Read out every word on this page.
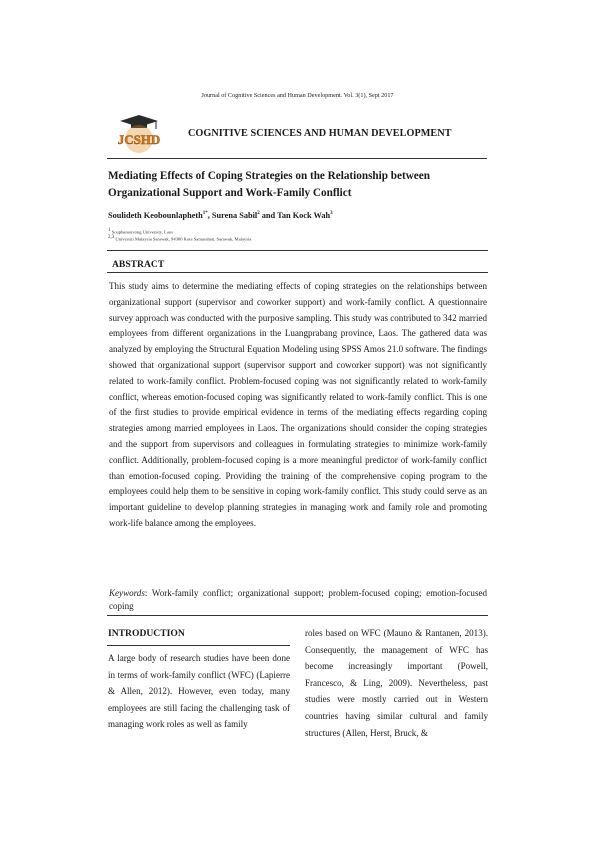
Journal of Cognitive Sciences and Human Development. Vol. 3(1), Sept 2017
JCSHD	COGNITIVE SCIENCES AND HUMAN DEVELOPMENT
Mediating Effects of Coping Strategies on the Relationship between Organizational Support and Work-Family Conflict
Soulideth Keobounlapheth$^{1*}$, Surena Sabil$^2$ and Tan Kock Wah$^3$
$^1$ Souphanouvong University, Laos
$^{2,3}$ Universiti Malaysia Sarawak, 94300 Kota Samarahan, Sarawak, Malaysia
ABSTRACT
This study aims to determine the mediating effects of coping strategies on the relationships between organizational support (supervisor and coworker support) and work-family conflict. A questionnaire survey approach was conducted with the purposive sampling. This study was contributed to 342 married employees from different organizations in the Luangprabang province, Laos. The gathered data was analyzed by employing the Structural Equation Modeling using SPSS Amos 21.0 software. The findings showed that organizational support (supervisor support and coworker support) was not significantly related to work-family conflict. Problem-focused coping was not significantly related to work-family conflict, whereas emotion-focused coping was significantly related to work-family conflict. This is one of the first studies to provide empirical evidence in terms of the mediating effects regarding coping strategies among married employees in Laos. The organizations should consider the coping strategies and the support from supervisors and colleagues in formulating strategies to minimize work-family conflict. Additionally, problem-focused coping is a more meaningful predictor of work-family conflict than emotion-focused coping. Providing the training of the comprehensive coping program to the employees could help them to be sensitive in coping work-family conflict. This study could serve as an important guideline to develop planning strategies in managing work and family role and promoting work-life balance among the employees.
Keywords: Work-family conflict; organizational support; problem-focused coping; emotion-focused coping
INTRODUCTION
A large body of research studies have been done in terms of work-family conflict (WFC) (Lapierre & Allen, 2012). However, even today, many employees are still facing the challenging task of managing work roles as well as family
roles based on WFC (Mauno & Rantanen, 2013). Consequently, the management of WFC has become increasingly important (Powell, Francesco, & Ling, 2009). Nevertheless, past studies were mostly carried out in Western countries having similar cultural and family structures (Allen, Herst, Bruck, &
